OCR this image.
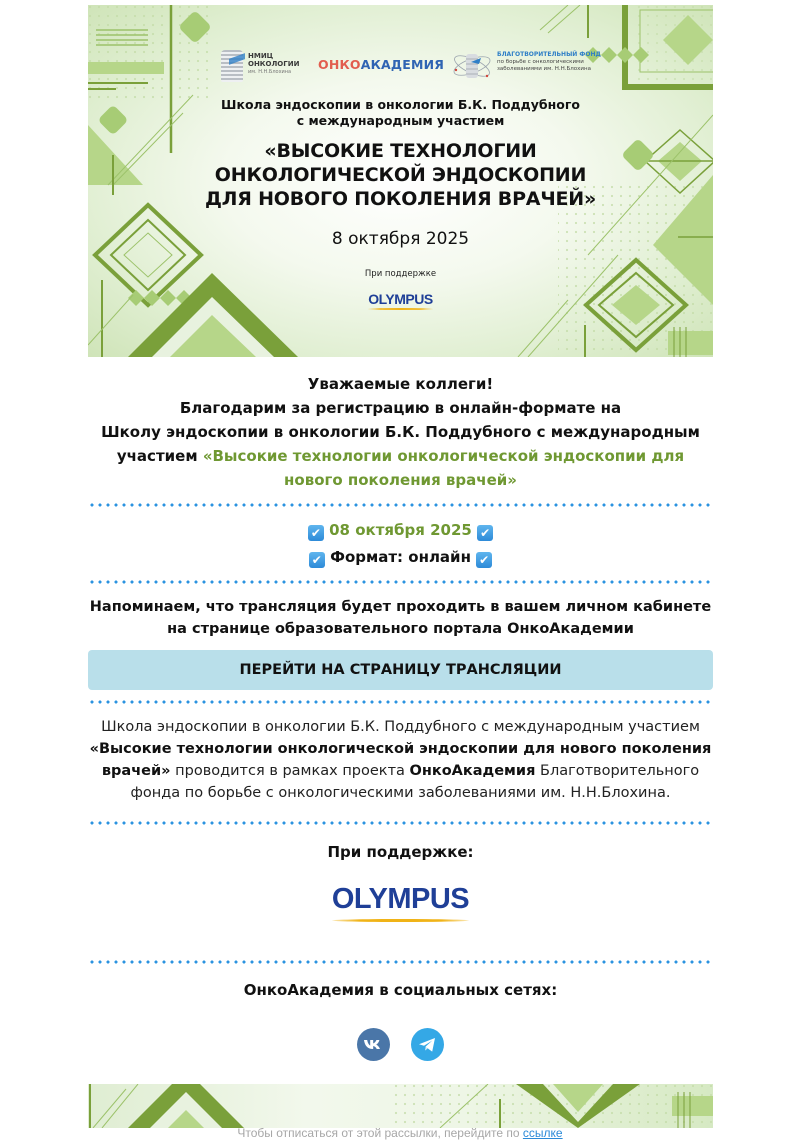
НМИЦ
ОНКОЛОГИИ
им. Н.Н.Блохина ОНКОАКАДЕМИЯ
БЛАГОТВОРИТЕЛЬНЫЙ ФОНД
по борьбе с онкологическими
заболеваниями им. Н.Н.Блохина
Школа эндоскопии в онкологии Б.К. Поддубного
с международным участием
«ВЫСОКИЕ ТЕХНОЛОГИИ
ОНКОЛОГИЧЕСКОЙ ЭНДОСКОПИИ
ДЛЯ НОВОГО ПОКОЛЕНИЯ ВРАЧЕЙ»
8 октября 2025
При поддержке
OLYMPUS
Уважаемые коллеги!
Благодарим за регистрацию в онлайн-формате на
Школу эндоскопии в онкологии Б.К. Поддубного с международным
участием «Высокие технологии онкологической эндоскопии для нового поколения врачей»
✔ 08 октября 2025 ✔
✔ Формат: онлайн ✔
Напоминаем, что трансляция будет проходить в вашем личном кабинете
на странице образовательного портала ОнкоАкадемии
ПЕРЕЙТИ НА СТРАНИЦУ ТРАНСЛЯЦИИ
Школа эндоскопии в онкологии Б.К. Поддубного с международным участием «Высокие технологии онкологической эндоскопии для нового поколения врачей» проводится в рамках проекта ОнкоАкадемия Благотворительного фонда по борьбе с онкологическими заболеваниями им. Н.Н.Блохина.
При поддержке:
OLYMPUS
ОнкоАкадемия в социальных сетях:

Чтобы отписаться от этой рассылки, перейдите по ссылке
